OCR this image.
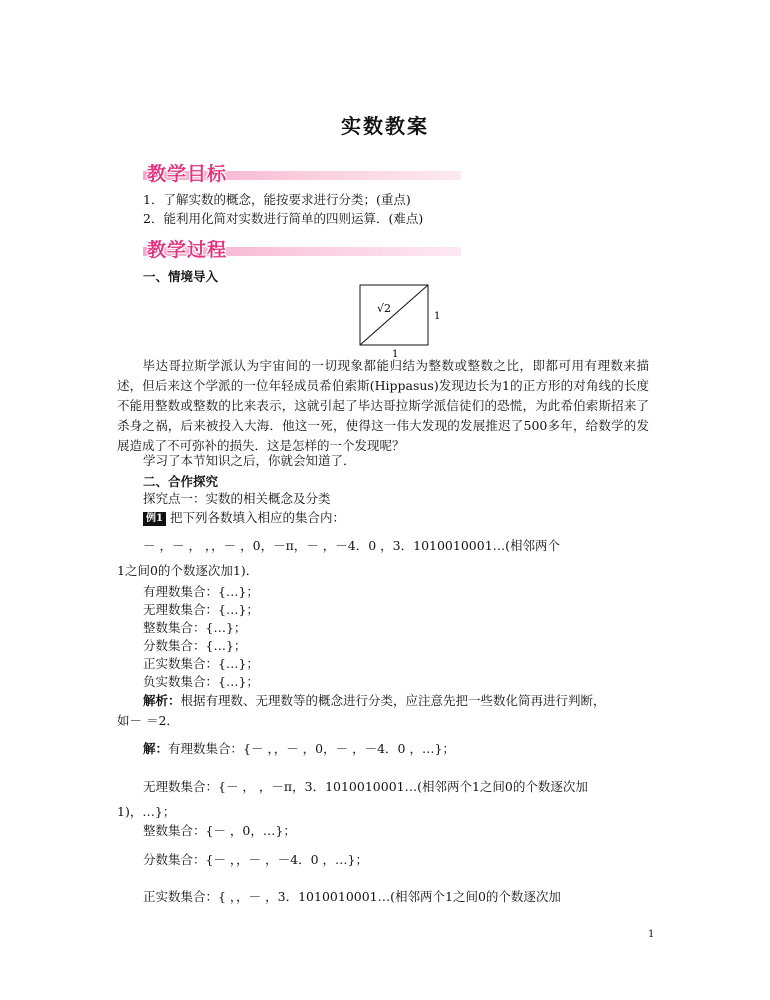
实数教案
教学目标
1．了解实数的概念，能按要求进行分类；(重点)
2．能利用化简对实数进行简单的四则运算．(难点)
教学过程
一、情境导入
√2
1
1
毕达哥拉斯学派认为宇宙间的一切现象都能归结为整数或整数之比，即都可用有理数来描述，但后来这个学派的一位年轻成员希伯索斯(Hippasus)发现边长为1的正方形的对角线的长度不能用整数或整数的比来表示，这就引起了毕达哥拉斯学派信徒们的恐慌，为此希伯索斯招来了杀身之祸，后来被投入大海．他这一死，使得这一伟大发现的发展推迟了500多年，给数学的发展造成了不可弥补的损失．这是怎样的一个发现呢？
学习了本节知识之后，你就会知道了．
二、合作探究
探究点一：实数的相关概念及分类
例1 把下列各数填入相应的集合内：
－ ，－ ， ，，－ ，0，－π，－ ，－4．0 ，3．1010010001…(相邻两个
1之间0的个数逐次加1)．
有理数集合：{…}；
无理数集合：{…}；
整数集合：{…}；
分数集合：{…}；
正实数集合：{…}；
负实数集合：{…}；
解析：根据有理数、无理数等的概念进行分类，应注意先把一些数化简再进行判断，
如－ ＝2．
解：有理数集合：{－ ，，－ ，0，－ ，－4．0 ，…}；
无理数集合：{－ ， ，－π，3．1010010001…(相邻两个1之间0的个数逐次加
1)，…}；
整数集合：{－ ，0，…}；
分数集合：{－ ，，－ ，－4．0 ，…}；
正实数集合：{ ，，－ ，3．1010010001…(相邻两个1之间0的个数逐次加
1
